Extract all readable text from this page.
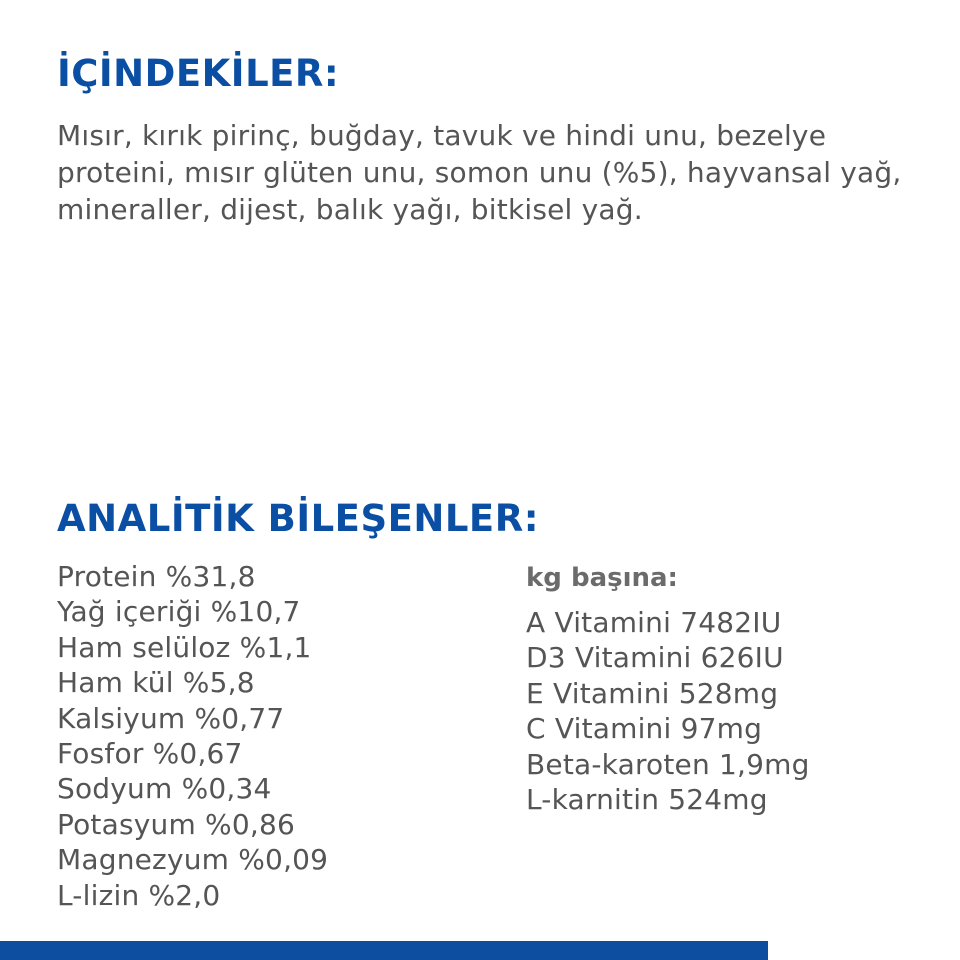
İÇİNDEKİLER:

Mısır, kırık pirinç, buğday, tavuk ve hindi unu, bezelye proteini, mısır glüten unu, somon unu (%5), hayvansal yağ, mineraller, dijest, balık yağı, bitkisel yağ.

ANALİTİK BİLEŞENLER:
Protein %31,8
Yağ içeriği %10,7
Ham selüloz %1,1
Ham kül %5,8
Kalsiyum %0,77
Fosfor %0,67
Sodyum %0,34
Potasyum %0,86
Magnezyum %0,09
L-lizin %2,0
kg başına:
A Vitamini 7482IU
D3 Vitamini 626IU
E Vitamini 528mg
C Vitamini 97mg
Beta-karoten 1,9mg
L-karnitin 524mg
